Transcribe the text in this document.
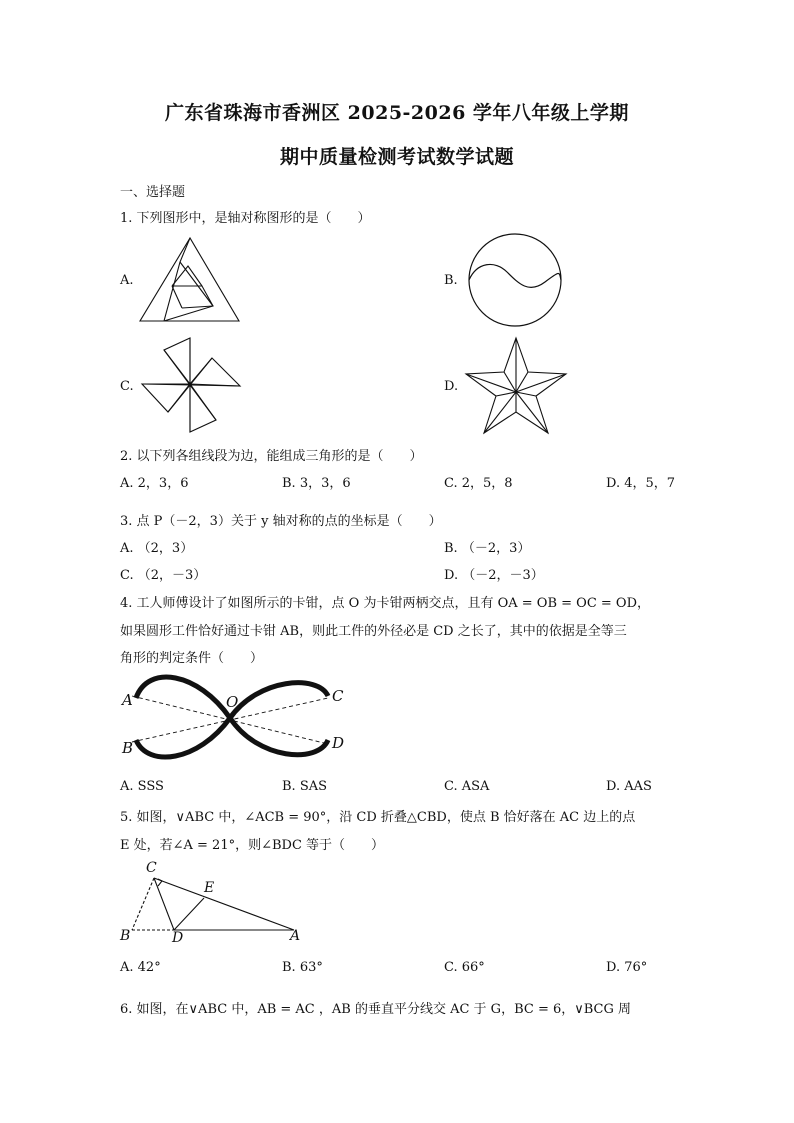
广东省珠海市香洲区 2025-2026 学年八年级上学期
期中质量检测考试数学试题
一、选择题
1. 下列图形中，是轴对称图形的是（　　）
A.	B.
C.	D.
2. 以下列各组线段为边，能组成三角形的是（　　）
A. 2，3，6	B. 3，3，6	C. 2，5，8	D. 4，5，7
3. 点 P（－2，3）关于 y 轴对称的点的坐标是（　　）
A. （2，3）	B. （－2，3）
C. （2，－3）	D. （－2，－3）
4. 工人师傅设计了如图所示的卡钳，点 O 为卡钳两柄交点，且有 OA = OB = OC = OD，
如果圆形工件恰好通过卡钳 AB，则此工件的外径必是 CD 之长了，其中的依据是全等三
角形的判定条件（　　）
A
B
C
D
O
A. SSS	B. SAS	C. ASA	D. AAS
5. 如图，∨ABC 中，∠ACB = 90°，沿 CD 折叠△CBD，使点 B 恰好落在 AC 边上的点
E 处，若∠A = 21°，则∠BDC 等于（　　）
C
E
B	D	A
A. 42°	B. 63°	C. 66°	D. 76°
6. 如图，在∨ABC 中，AB = AC ，AB 的垂直平分线交 AC 于 G，BC = 6，∨BCG 周
